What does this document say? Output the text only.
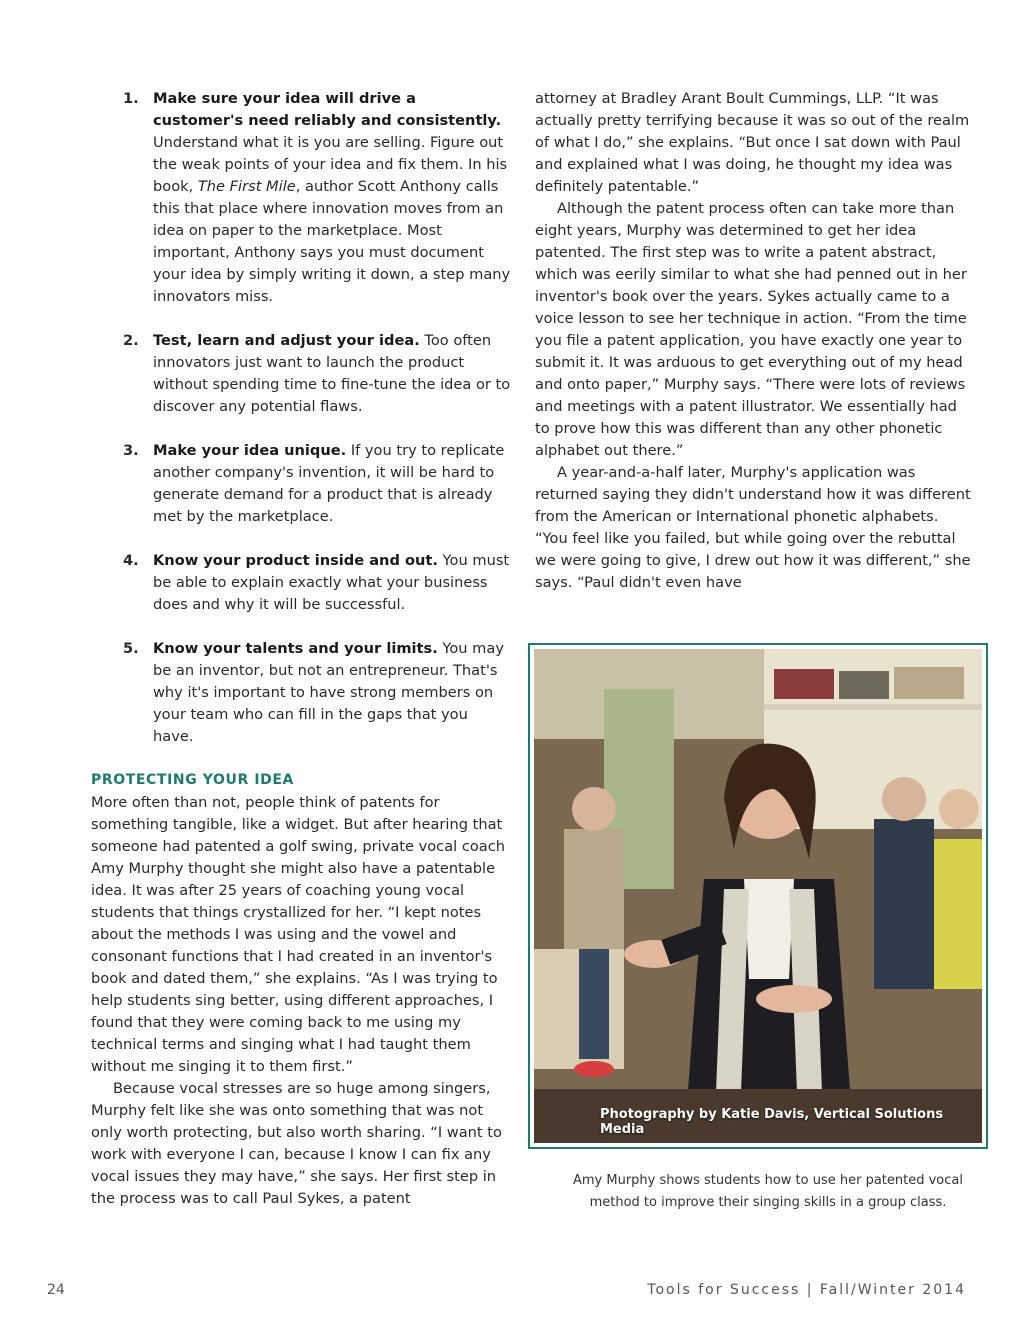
1. Make sure your idea will drive a customer's need reliably and consistently. Understand what it is you are selling. Figure out the weak points of your idea and fix them. In his book, The First Mile, author Scott Anthony calls this that place where innovation moves from an idea on paper to the marketplace. Most important, Anthony says you must document your idea by simply writing it down, a step many innovators miss.
2. Test, learn and adjust your idea. Too often innovators just want to launch the product without spending time to fine-tune the idea or to discover any potential flaws.
3. Make your idea unique. If you try to replicate another company's invention, it will be hard to generate demand for a product that is already met by the marketplace.
4. Know your product inside and out. You must be able to explain exactly what your business does and why it will be successful.
5. Know your talents and your limits. You may be an inventor, but not an entrepreneur. That's why it's important to have strong members on your team who can fill in the gaps that you have.
PROTECTING YOUR IDEA

More often than not, people think of patents for something tangible, like a widget. But after hearing that someone had patented a golf swing, private vocal coach Amy Murphy thought she might also have a patentable idea. It was after 25 years of coaching young vocal students that things crystallized for her. “I kept notes about the methods I was using and the vowel and consonant functions that I had created in an inventor's book and dated them,” she explains. “As I was trying to help students sing better, using different approaches, I found that they were coming back to me using my technical terms and singing what I had taught them without me singing it to them first.”

Because vocal stresses are so huge among singers, Murphy felt like she was onto something that was not only worth protecting, but also worth sharing. “I want to work with everyone I can, because I know I can fix any vocal issues they may have,” she says. Her first step in the process was to call Paul Sykes, a patent

attorney at Bradley Arant Boult Cummings, LLP. “It was actually pretty terrifying because it was so out of the realm of what I do,” she explains. “But once I sat down with Paul and explained what I was doing, he thought my idea was definitely patentable.”

Although the patent process often can take more than eight years, Murphy was determined to get her idea patented. The first step was to write a patent abstract, which was eerily similar to what she had penned out in her inventor's book over the years. Sykes actually came to a voice lesson to see her technique in action. “From the time you file a patent application, you have exactly one year to submit it. It was arduous to get everything out of my head and onto paper,” Murphy says. “There were lots of reviews and meetings with a patent illustrator. We essentially had to prove how this was different than any other phonetic alphabet out there.”

A year-and-a-half later, Murphy's application was returned saying they didn't understand how it was different from the American or International phonetic alphabets. “You feel like you failed, but while going over the rebuttal we were going to give, I drew out how it was different,” she says. “Paul didn't even have

Photography by Katie Davis, Vertical Solutions Media
Amy Murphy shows students how to use her patented vocal
method to improve their singing skills in a group class.
24	Tools for Success | Fall/Winter 2014
